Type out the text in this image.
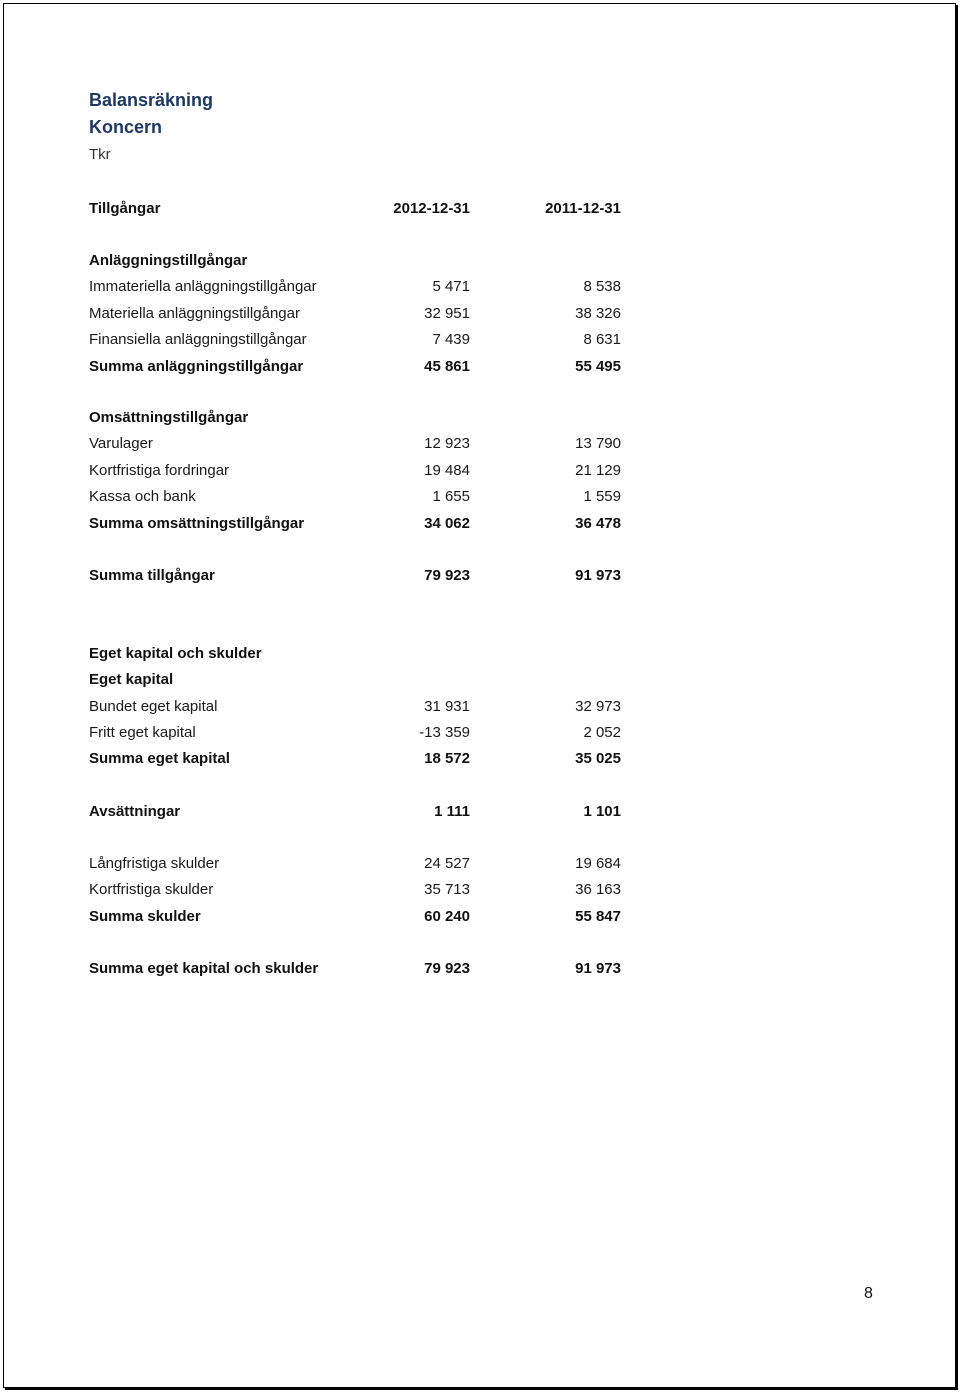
Balansräkning
Koncern
Tkr
Tillgångar	2012-12-31	2011-12-31
Anläggningstillgångar
Immateriella anläggningstillgångar	5 471	8 538
Materiella anläggningstillgångar	32 951	38 326
Finansiella anläggningstillgångar	7 439	8 631
Summa anläggningstillgångar	45 861	55 495
Omsättningstillgångar
Varulager	12 923	13 790
Kortfristiga fordringar	19 484	21 129
Kassa och bank	1 655	1 559
Summa omsättningstillgångar	34 062	36 478
Summa tillgångar	79 923	91 973
Eget kapital och skulder
Eget kapital
Bundet eget kapital	31 931	32 973
Fritt eget kapital	-13 359	2 052
Summa eget kapital	18 572	35 025
Avsättningar	1 111	1 101
Långfristiga skulder	24 527	19 684
Kortfristiga skulder	35 713	36 163
Summa skulder	60 240	55 847
Summa eget kapital och skulder	79 923	91 973
8
